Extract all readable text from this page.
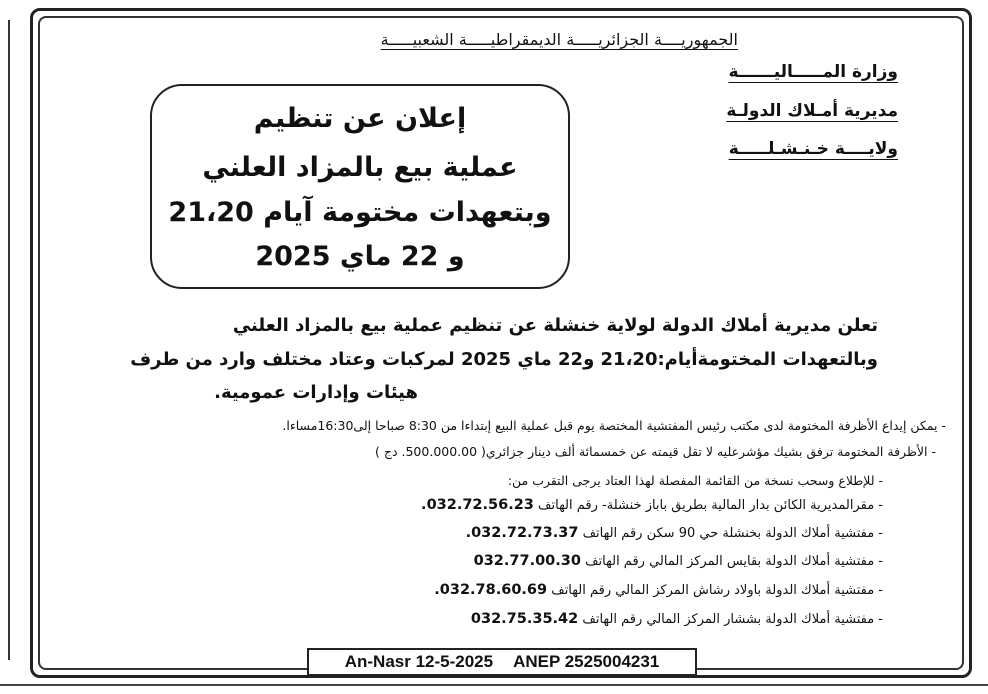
الجمهوريــــة الجزائريـــــة الديمقراطيـــــة الشعبيـــــة
وزارة المـــــاليــــــة
مديرية أمـلاك الدولـة
ولايــــة خـنـشـلـــــة
إعلان عن تنظيم
عملية بيع بالمزاد العلني
وبتعهدات مختومة آيام 21،20
و 22 ماي 2025
تعلن مديرية أملاك الدولة لولاية خنشلة عن تنظيم عملية بيع بالمزاد العلني
وبالتعهدات المختومةأيام:21،20 و22 ماي 2025 لمركبات وعتاد مختلف وارد من طرف
هيئات وإدارات عمومية.
- يمكن إيداع الأظرفة المختومة لدى مكتب رئيس المفتشية المختصة يوم قبل عملية البيع إبتداءا من 8:30 صباحا إلى16:30مساءا.
- الأظرفة المختومة ترفق بشيك مؤشرعليه لا تقل قيمته عن خمسمائة ألف دينار جزائري( 500.000.00. دج )
- للإطلاع وسحب نسخة من القائمة المفصلة لهذا العتاد يرجى التقرب من:
- مقرالمديرية الكائن بدار المالية بطريق باباز خنشلة- رقم الهاتف 032.72.56.23.
- مفتشية أملاك الدولة بخنشلة حي 90 سكن رقم الهاتف 032.72.73.37.
- مفتشية أملاك الدولة بقايس المركز المالي رقم الهاتف 032.77.00.30
- مفتشية أملاك الدولة باولاد رشاش المركز المالي رقم الهاتف 032.78.60.69.
- مفتشية أملاك الدولة بششار المركز المالي رقم الهاتف 032.75.35.42
An-Nasr 12-5-2025 ANEP 2525004231
